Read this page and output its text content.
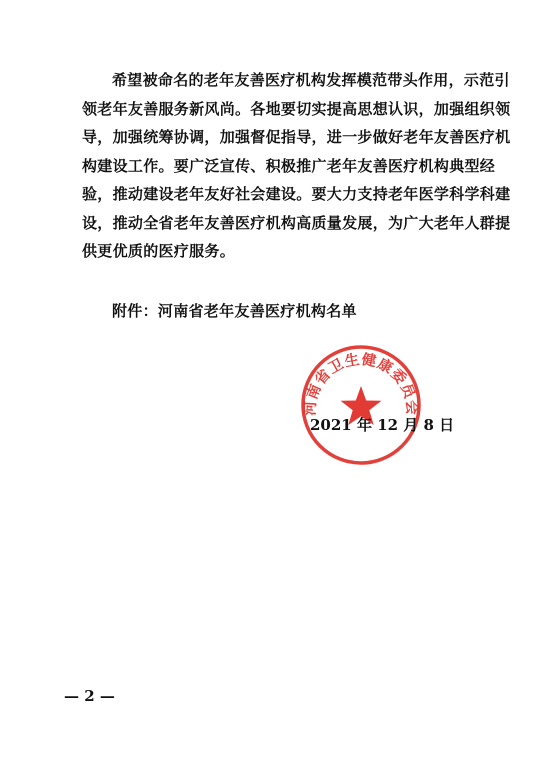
希望被命名的老年友善医疗机构发挥模范带头作用，示范引
领老年友善服务新风尚。各地要切实提高思想认识，加强组织领
导，加强统筹协调，加强督促指导，进一步做好老年友善医疗机
构建设工作。要广泛宣传、积极推广老年友善医疗机构典型经
验，推动建设老年友好社会建设。要大力支持老年医学科学科建
设，推动全省老年友善医疗机构高质量发展，为广大老年人群提
供更优质的医疗服务。
附件：河南省老年友善医疗机构名单
河南省卫生健康委员会
2021 年 12 月 8 日
— 2 —
